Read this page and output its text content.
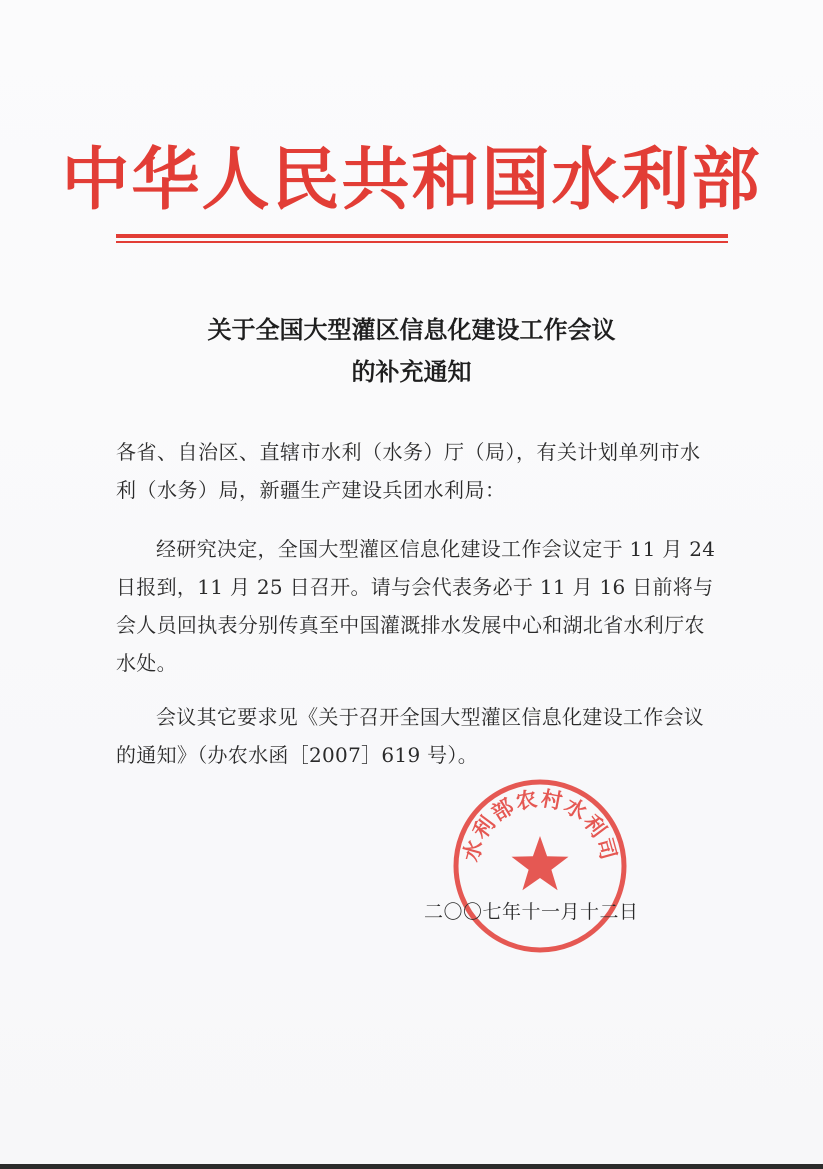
中华人民共和国水利部
关于全国大型灌区信息化建设工作会议
的补充通知
各省、自治区、直辖市水利（水务）厅（局），有关计划单列市水利（水务）局，新疆生产建设兵团水利局：
经研究决定，全国大型灌区信息化建设工作会议定于 11 月 24 日报到，11 月 25 日召开。请与会代表务必于 11 月 16 日前将与会人员回执表分别传真至中国灌溉排水发展中心和湖北省水利厅农水处。
会议其它要求见《关于召开全国大型灌区信息化建设工作会议的通知》（办农水函［2007］619 号）。
水利部农村水利司
二〇〇七年十一月十二日
